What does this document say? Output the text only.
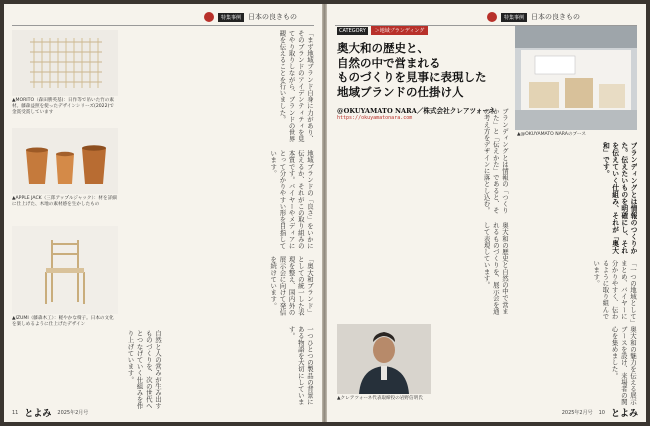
特集事例	日本の良きもの
▲MORITO（森田勝英基)：日作等で吊いた竹の素材。藤森益照を使ったデザインシリーズ(2022)で金賞受賞しています
▲APPLE JACK（三郎アップルジャック）：材を詳細に仕上げた、木地の素材感を生かしたもの
▲IZUMI（藤森木工）：軽やかな椅子。日本の文化を楽しめるように仕上げたデザイン
「まず地域ブランド自身に力があり、そのブランドのアイデンティティを見てやり取りしながら、ブランドの世界観を伝えることを行いました。
地域ブランドの「良さ」をいかに伝えるか、それがこの取り組みの本質です。バイヤーやメディアにとって分かりやすい形を目指しています。
「奥大和ブランド」としての統一した表現を整え、国内外の展示会に向けて発信を続けています。
自然と人の営みが生み出すものづくりを、次の世代へとつなげていく仕組みを作り上げています。	一つひとつの製品の背景にある物語を大切にしています。
11 とよみ 2025年2月号
特集事例	日本の良きもの
CATEGORY	＞地域ブランディング
奥大和の歴史と、
自然の中で営まれる
ものづくりを見事に表現した
地域ブランドの仕掛け人
@OKUYAMATO NARA／株式会社クレアツォーネ
https://okuyamatonara.com
▲@OKUYAMATO NARAのブース
ブランディングとは情報のつくりかた。伝えたいものを明確にし、それを伝えていく仕組み、それが「奥大和」です。
ブランディングとは情報の「つくりかた」と「伝えかた」であると、その考え方をデザインに落とし込む。
奥大和の歴史と自然の中で営まれるものづくりを、展示会を通して表現しています。
「一つの地域として」まとめ、バイヤーに分かりやすく、伝わるように取り組んでいます。
奥大和の魅力を伝える展示ブースを設け、来場者の関心を集めました。
▲クレアツォーネ代表取締役の岩野信明氏
2025年2月号 10 とよみ
